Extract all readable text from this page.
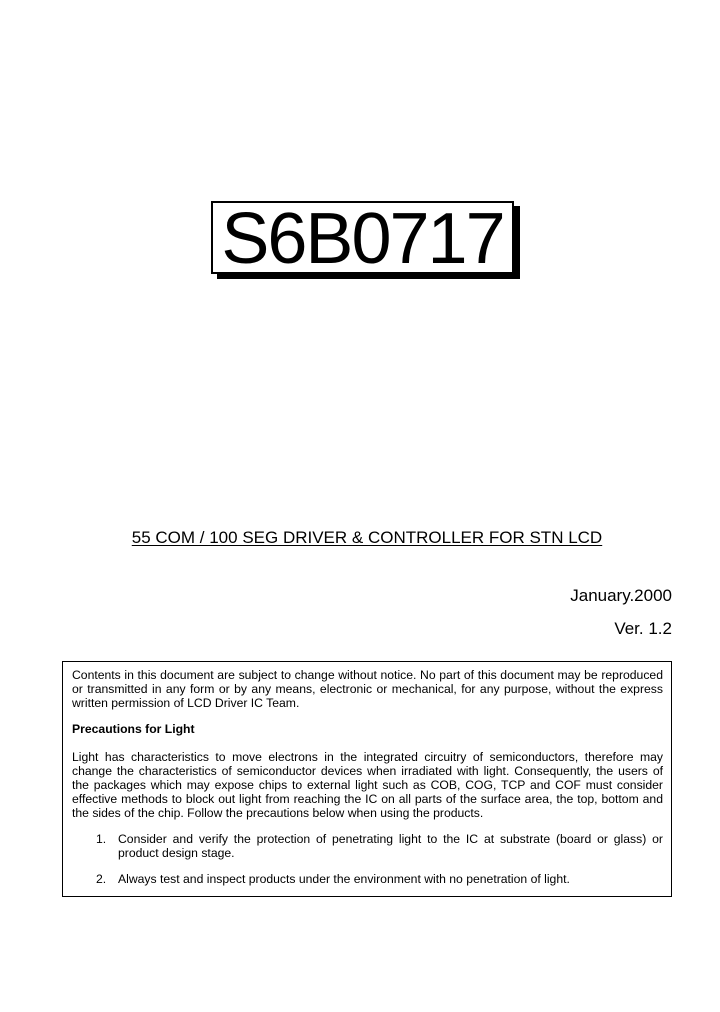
S6B0717
55 COM / 100 SEG DRIVER & CONTROLLER FOR STN LCD
January.2000
Ver. 1.2

Contents in this document are subject to change without notice. No part of this document may be reproduced or transmitted in any form or by any means, electronic or mechanical, for any purpose, without the express written permission of LCD Driver IC Team.

Precautions for Light

Light has characteristics to move electrons in the integrated circuitry of semiconductors, therefore may change the characteristics of semiconductor devices when irradiated with light. Consequently, the users of the packages which may expose chips to external light such as COB, COG, TCP and COF must consider effective methods to block out light from reaching the IC on all parts of the surface area, the top, bottom and the sides of the chip. Follow the precautions below when using the products.

1. Consider and verify the protection of penetrating light to the IC at substrate (board or glass) or product design stage.
2. Always test and inspect products under the environment with no penetration of light.
